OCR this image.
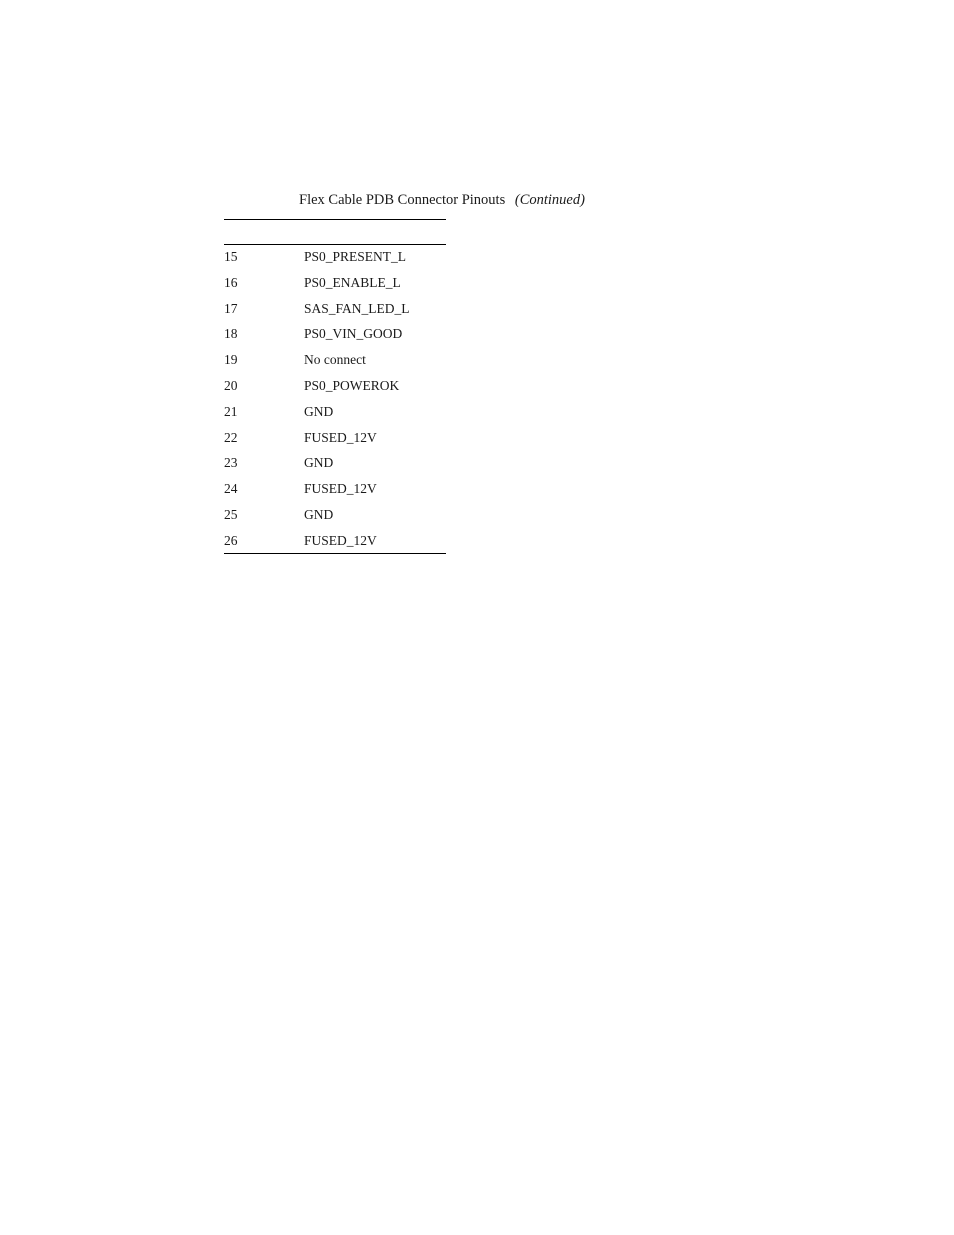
Flex Cable PDB Connector Pinouts (Continued)
15	PS0_PRESENT_L
16	PS0_ENABLE_L
17	SAS_FAN_LED_L
18	PS0_VIN_GOOD
19	No connect
20	PS0_POWEROK
21	GND
22	FUSED_12V
23	GND
24	FUSED_12V
25	GND
26	FUSED_12V
